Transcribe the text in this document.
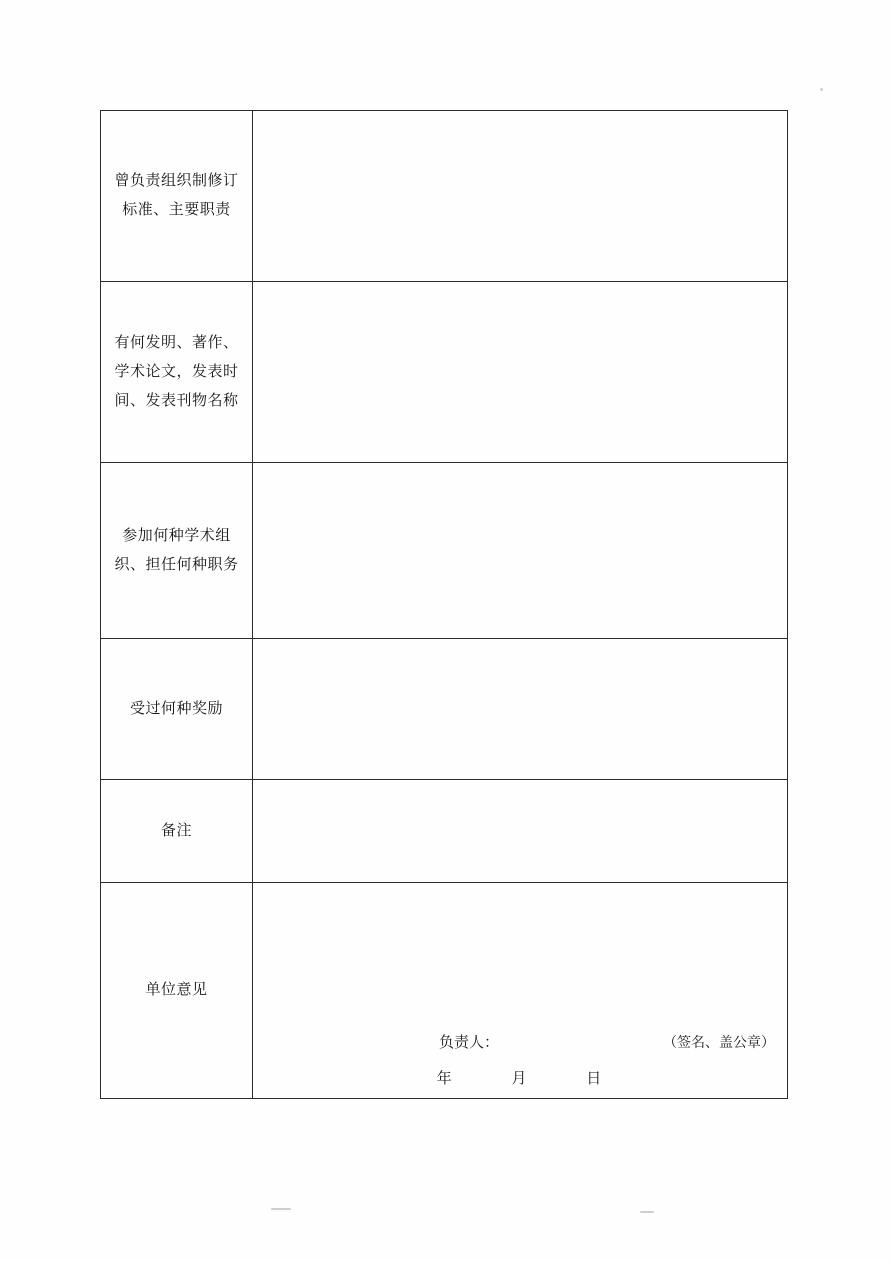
曾负责组织制修订
标准、主要职责	

有何发明、著作、
学术论文，发表时
间、发表刊物名称	

参加何种学术组
织、担任何种职务	

受过何种奖励	

备注	

单位意见	负责人： （签名、盖公章）
年 月 日
